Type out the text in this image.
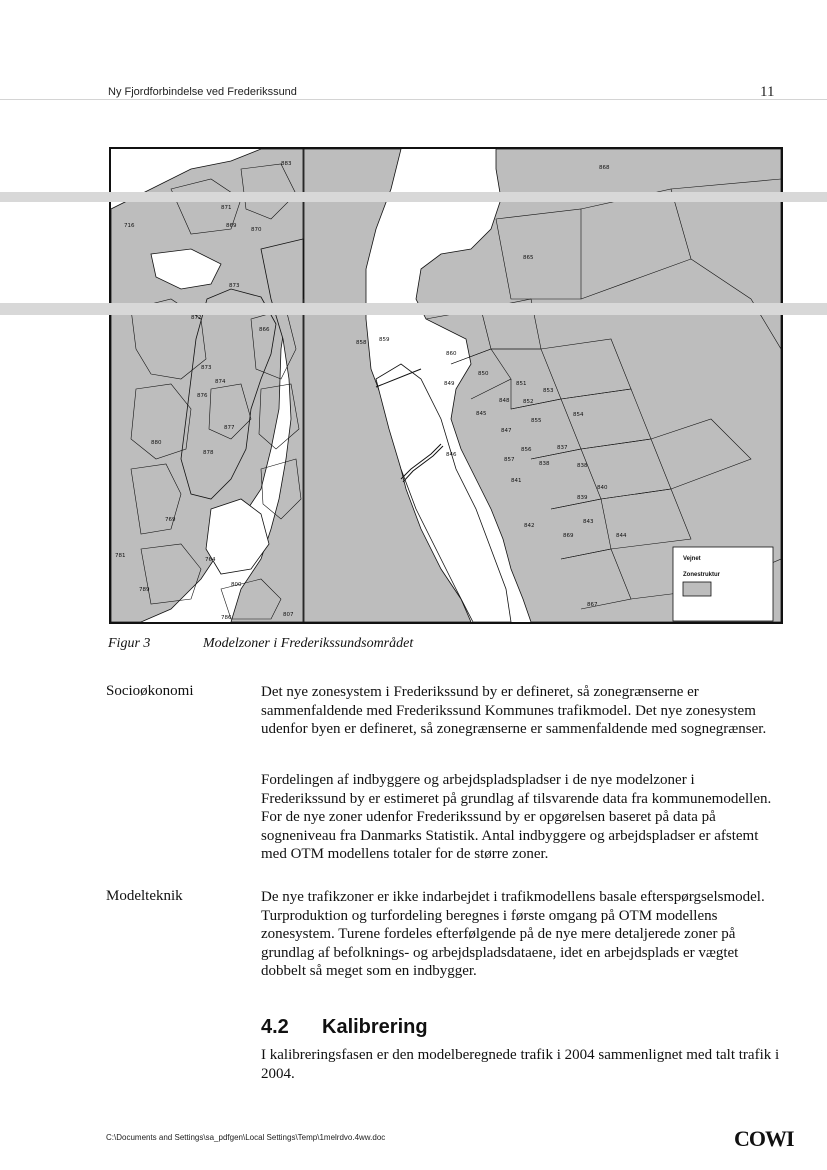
Ny Fjordforbindelse ved Frederikssund	11
883
871
869
870
716
873
872
866
873
874
876
877
878
880
769
781
789
764
800
786	807
868
865
858 859
860
849
850
851
853
852
848
845
847
855
854
846
856
857
837
838	838
841
840
839
843
842
869	844
867
Vejnet
Zonestruktur
Figur 3	Modelzoner i Frederikssundsområdet
Socioøkonomi	Det nye zonesystem i Frederikssund by er defineret, så zonegrænserne er sammenfaldende med Frederikssund Kommunes trafikmodel. Det nye zonesystem udenfor byen er defineret, så zonegrænserne er sammenfaldende med sognegrænser.

Fordelingen af indbyggere og arbejdspladspladser i de nye modelzoner i Frederikssund by er estimeret på grundlag af tilsvarende data fra kommunemodellen. For de nye zoner udenfor Frederikssund by er opgørelsen baseret på data på sogneniveau fra Danmarks Statistik. Antal indbyggere og arbejdspladser er afstemt med OTM modellens totaler for de større zoner.

Modelteknik	De nye trafikzoner er ikke indarbejdet i trafikmodellens basale efterspørgselsmodel. Turproduktion og turfordeling beregnes i første omgang på OTM modellens zonesystem. Turene fordeles efterfølgende på de nye mere detaljerede zoner på grundlag af befolknings- og arbejdspladsdataene, idet en arbejdsplads er vægtet dobbelt så meget som en indbygger.

4.2 Kalibrering

I kalibreringsfasen er den modelberegnede trafik i 2004 sammenlignet med talt trafik i 2004.

C:\Documents and Settings\sa_pdfgen\Local Settings\Temp\1melrdvo.4ww.doc	COWI
